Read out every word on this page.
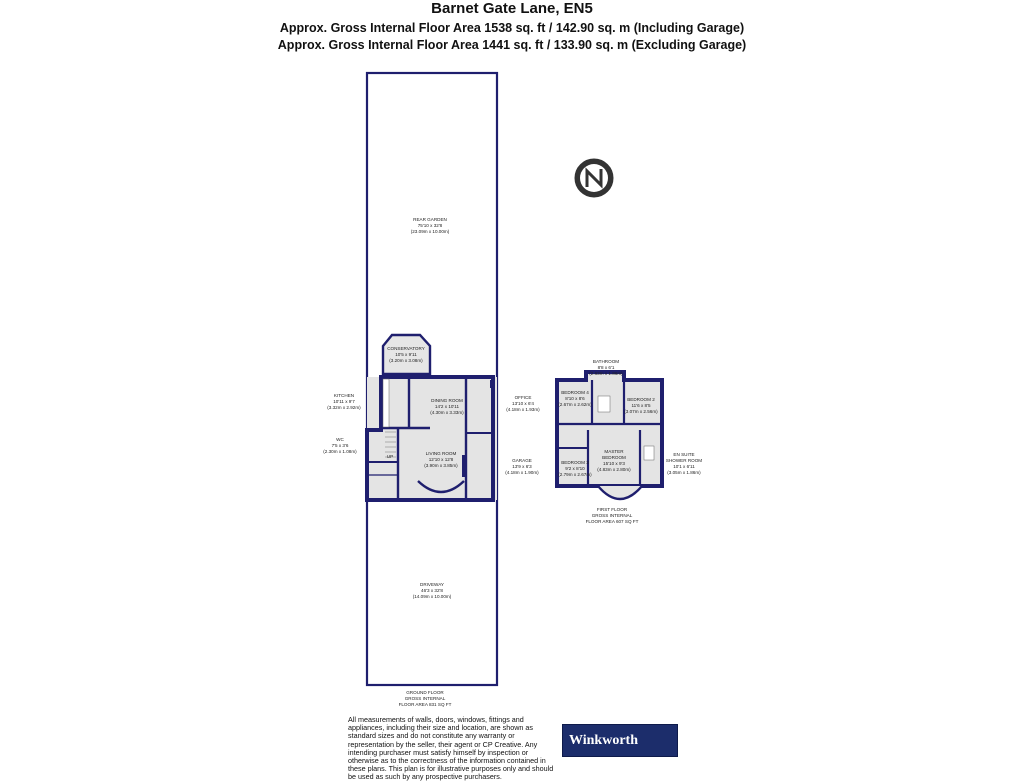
Barnet Gate Lane, EN5
Approx. Gross Internal Floor Area 1538 sq. ft / 142.90 sq. m (Including Garage)
Approx. Gross Internal Floor Area 1441 sq. ft / 133.90 sq. m (Excluding Garage)
REAR GARDEN
75'10 x 32'8
(23.09m x 10.00m)
CONSERVATORY
10'5 x 9'11
(3.20m x 3.08m)
KITCHEN
10'11 x 9'7
(3.32m x 2.92m)
DINING ROOM
14'2 x 10'11
(4.30m x 3.33m)
OFFICE
13'10 x 6'4
(4.18m x 1.93m)
WC
7'5 x 3'6
(2.30m x 1.08m)	LIVING ROOM
12'10 x 12'8
(3.90m x 3.85m)
GARAGE
13'9 x 6'3
(4.18m x 1.90m)
UP
DRIVEWAY
46'3 x 32'8
(14.09m x 10.00m)
GROUND FLOOR
GROSS INTERNAL
FLOOR AREA 831 SQ FT
BATHROOM
8'8 x 6'1
(2.63m x 1.86m)
BEDROOM 4
8'10 x 8'6
(2.67m x 2.62m)
BEDROOM 2
11'6 x 8'5
(3.07m x 2.56m)
BEDROOM 3
9'2 x 8'10
(2.79m x 2.67m)
MASTER
BEDROOM
15'10 x 9'3
(4.83m x 2.80m)
EN SUITE
SHOWER ROOM
10'1 x 6'11
(3.05m x 1.86m)
FIRST FLOOR
GROSS INTERNAL
FLOOR AREA 607 SQ FT
All measurements of walls, doors, windows, fittings and appliances, including their size and location, are shown as standard sizes and do not constitute any warranty or representation by the seller, their agent or CP Creative. Any intending purchaser must satisfy himself by inspection or otherwise as to the correctness of the information contained in these plans. This plan is for illustrative purposes only and should be used as such by any prospective purchasers.
Winkworth
